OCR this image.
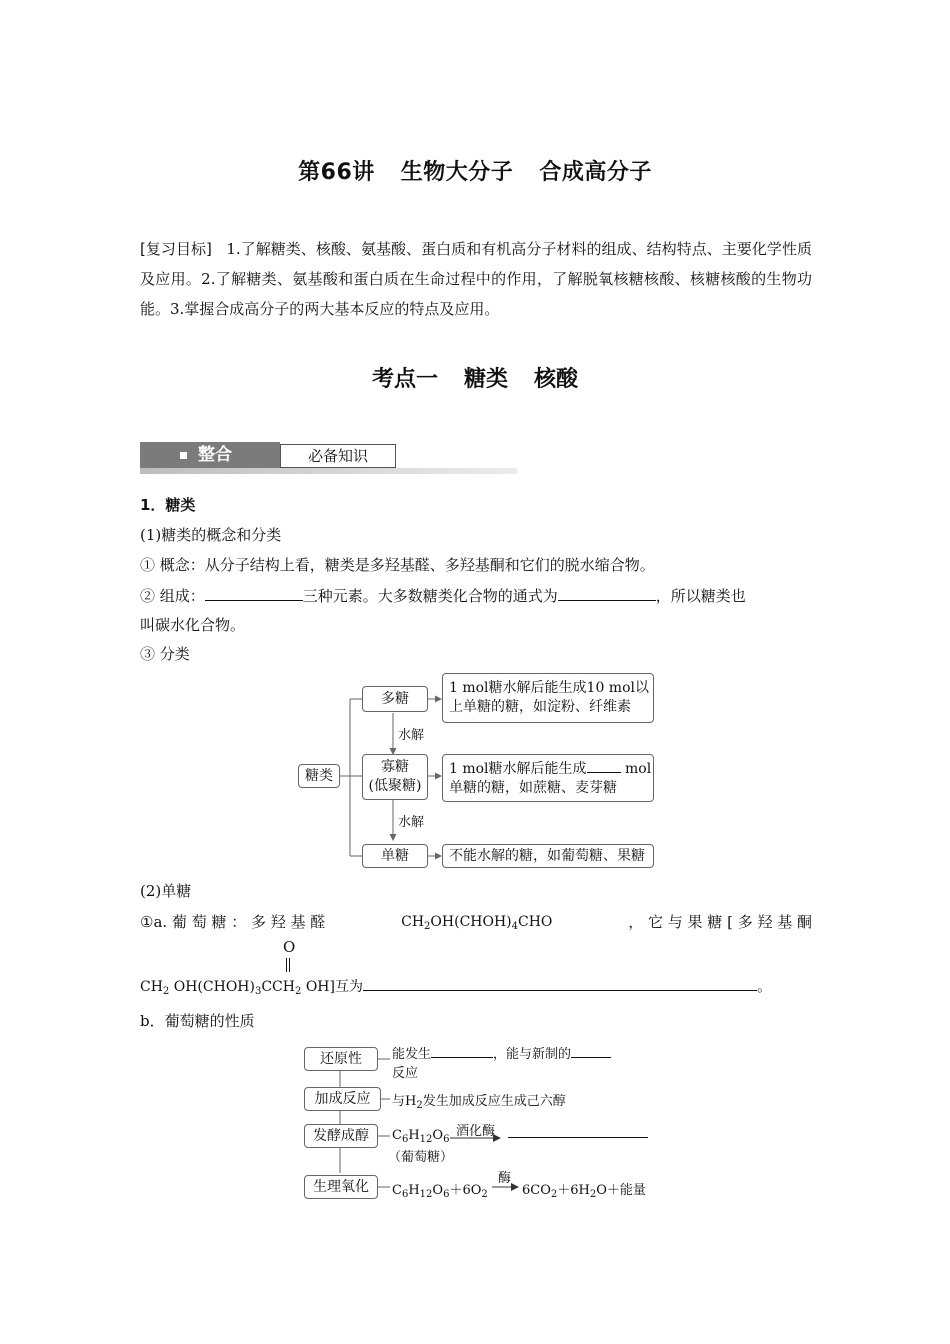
第66讲 生物大分子 合成高分子
[复习目标] 1.了解糖类、核酸、氨基酸、蛋白质和有机高分子材料的组成、结构特点、主要化学性质及应用。2.了解糖类、氨基酸和蛋白质在生命过程中的作用，了解脱氧核糖核酸、核糖核酸的生物功能。3.掌握合成高分子的两大基本反应的特点及应用。
考点一 糖类 核酸
整合	必备知识
1．糖类
(1)糖类的概念和分类
① 概念：从分子结构上看，糖类是多羟基醛、多羟基酮和它们的脱水缩合物。
② 组成：	三种元素。大多数糖类化合物的通式为	，所以糖类也
叫碳水化合物。
③ 分类
糖类
多糖
寡糖
(低聚糖)
单糖
水解
水解
1 mol糖水解后能生成10 mol以
上单糖的糖，如淀粉、纤维素
1 mol糖水解后能生成	mol
单糖的糖，如蔗糖、麦芽糖
不能水解的糖，如葡萄糖、果糖
(2)单糖
①a. 葡 萄 糖 ： 多 羟 基 醛	$CH_2OH(CHOH)_4CHO$	， 它 与 果 糖 [ 多 羟 基 酮
O
$CH_2$ $OH(CHOH)_3CCH_2$ OH]互为	。
b．葡萄糖的性质
还原性
加成反应
发酵成醇
生理氧化
能发生	，能与新制的
反应
与$H_2$发生加成反应生成己六醇
$C_6H_{12}O_6$
（葡萄糖）
酒化酶
$C_6H_{12}O_6+6O_2$
酶
$6CO_2+6H_2O+$能量
